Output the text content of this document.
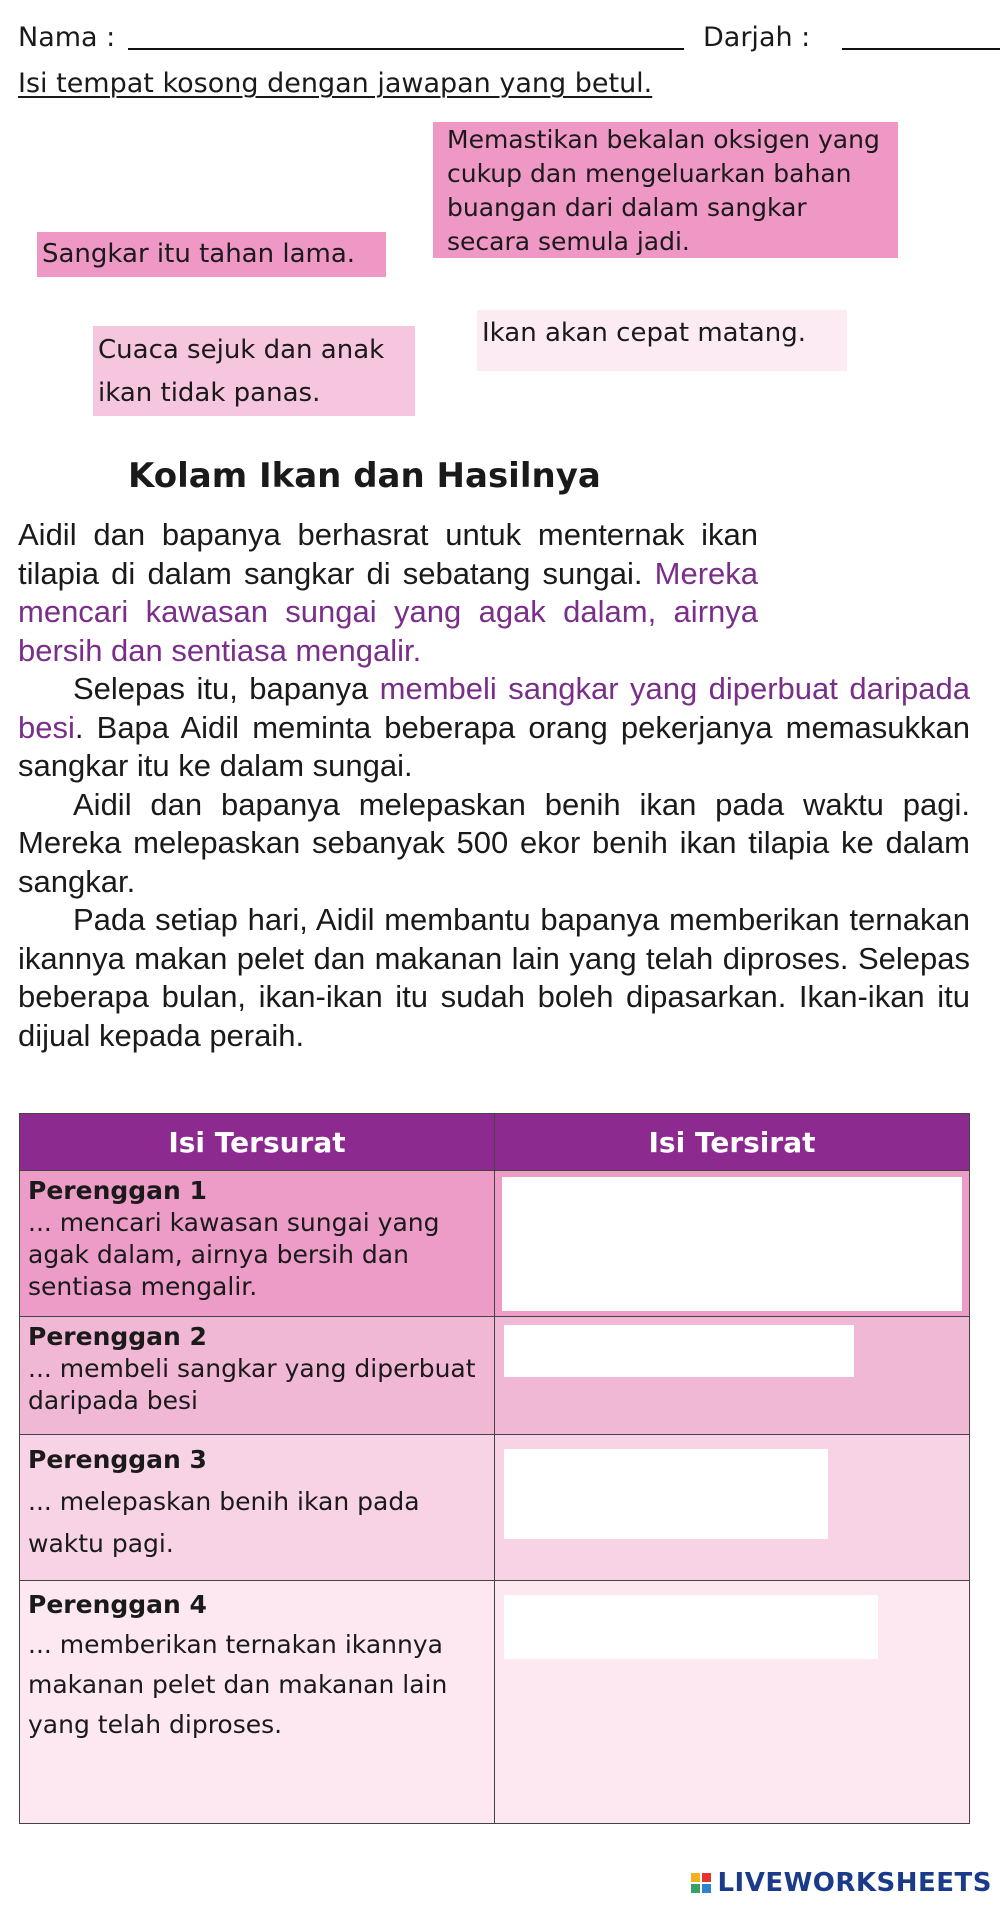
Nama :	Darjah :
Isi tempat kosong dengan jawapan yang betul.
Memastikan bekalan oksigen yang cukup dan mengeluarkan bahan buangan dari dalam sangkar secara semula jadi.
Sangkar itu tahan lama.
Cuaca sejuk dan anak ikan tidak panas.
Ikan akan cepat matang.
Kolam Ikan dan Hasilnya

Aidil dan bapanya berhasrat untuk menternak ikan tilapia di dalam sangkar di sebatang sungai. Mereka mencari kawasan sungai yang agak dalam, airnya bersih dan sentiasa mengalir.

Selepas itu, bapanya membeli sangkar yang diperbuat daripada besi. Bapa Aidil meminta beberapa orang pekerjanya memasukkan sangkar itu ke dalam sungai.

Aidil dan bapanya melepaskan benih ikan pada waktu pagi. Mereka melepaskan sebanyak 500 ekor benih ikan tilapia ke dalam sangkar.

Pada setiap hari, Aidil membantu bapanya memberikan ternakan ikannya makan pelet dan makanan lain yang telah diproses. Selepas beberapa bulan, ikan-ikan itu sudah boleh dipasarkan. Ikan-ikan itu dijual kepada peraih.

Isi Tersurat	Isi Tersirat

Perenggan 1
... mencari kawasan sungai yang agak dalam, airnya bersih dan sentiasa mengalir.	

Perenggan 2
... membeli sangkar yang diperbuat daripada besi	

Perenggan 3
... melepaskan benih ikan pada waktu pagi.	

Perenggan 4
... memberikan ternakan ikannya makanan pelet dan makanan lain yang telah diproses.	

LIVEWORKSHEETS
